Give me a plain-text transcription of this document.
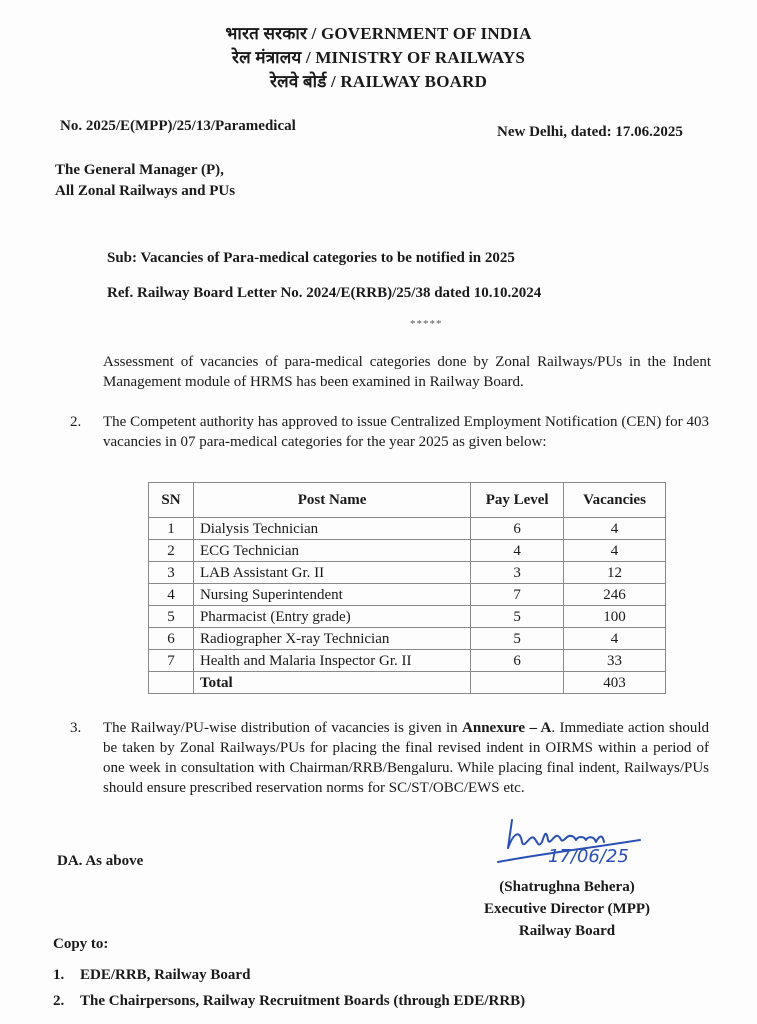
भारत सरकार / GOVERNMENT OF INDIA
रेल मंत्रालय / MINISTRY OF RAILWAYS
रेलवे बोर्ड / RAILWAY BOARD
No. 2025/E(MPP)/25/13/Paramedical	New Delhi, dated: 17.06.2025
The General Manager (P),
All Zonal Railways and PUs
Sub: Vacancies of Para-medical categories to be notified in 2025
Ref. Railway Board Letter No. 2024/E(RRB)/25/38 dated 10.10.2024
*****
Assessment of vacancies of para-medical categories done by Zonal Railways/PUs in the Indent Management module of HRMS has been examined in Railway Board.
2. The Competent authority has approved to issue Centralized Employment Notification (CEN) for 403 vacancies in 07 para-medical categories for the year 2025 as given below:
SN	Post Name	Pay Level	Vacancies
1	Dialysis Technician	6	4
2	ECG Technician	4	4
3	LAB Assistant Gr. II	3	12
4	Nursing Superintendent	7	246
5	Pharmacist (Entry grade)	5	100
6	Radiographer X-ray Technician	5	4
7	Health and Malaria Inspector Gr. II	6	33
	Total		403
3. The Railway/PU-wise distribution of vacancies is given in Annexure – A. Immediate action should be taken by Zonal Railways/PUs for placing the final revised indent in OIRMS within a period of one week in consultation with Chairman/RRB/Bengaluru. While placing final indent, Railways/PUs should ensure prescribed reservation norms for SC/ST/OBC/EWS etc.
DA. As above	17/06/25
(Shatrughna Behera)
Executive Director (MPP)
Railway Board
Copy to:
1. EDE/RRB, Railway Board
2. The Chairpersons, Railway Recruitment Boards (through EDE/RRB)
